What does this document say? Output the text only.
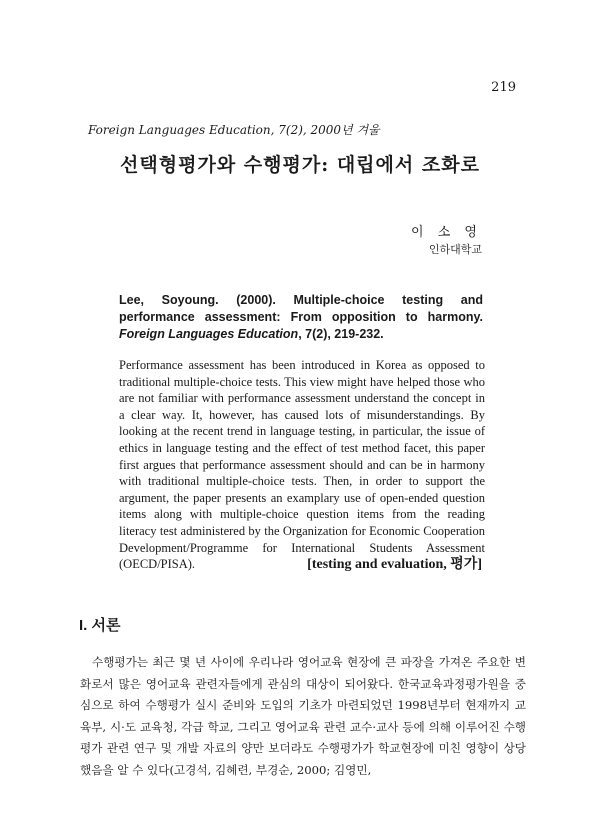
219
Foreign Languages Education, 7(2), 2000년 겨울
선택형평가와 수행평가: 대립에서 조화로
이 소 영
인하대학교
Lee, Soyoung. (2000). Multiple-choice testing and performance assessment: From opposition to harmony. Foreign Languages Education, 7(2), 219-232.
Performance assessment has been introduced in Korea as opposed to traditional multiple-choice tests. This view might have helped those who are not familiar with performance assessment understand the concept in a clear way. It, however, has caused lots of misunderstandings. By looking at the recent trend in language testing, in particular, the issue of ethics in language testing and the effect of test method facet, this paper first argues that performance assessment should and can be in harmony with traditional multiple-choice tests. Then, in order to support the argument, the paper presents an examplary use of open-ended question items along with multiple-choice question items from the reading literacy test administered by the Organization for Economic Cooperation Development/Programme for International Students Assessment (OECD/PISA).	[testing and evaluation, 평가]
I. 서론
수행평가는 최근 몇 년 사이에 우리나라 영어교육 현장에 큰 파장을 가져온 주요한 변화로서 많은 영어교육 관련자들에게 관심의 대상이 되어왔다. 한국교육과정평가원을 중심으로 하여 수행평가 실시 준비와 도입의 기초가 마련되었던 1998년부터 현재까지 교육부, 시·도 교육청, 각급 학교, 그리고 영어교육 관련 교수·교사 등에 의해 이루어진 수행평가 관련 연구 및 개발 자료의 양만 보더라도 수행평가가 학교현장에 미친 영향이 상당했음을 알 수 있다(고경석, 김혜련, 부경순, 2000; 김영민,
